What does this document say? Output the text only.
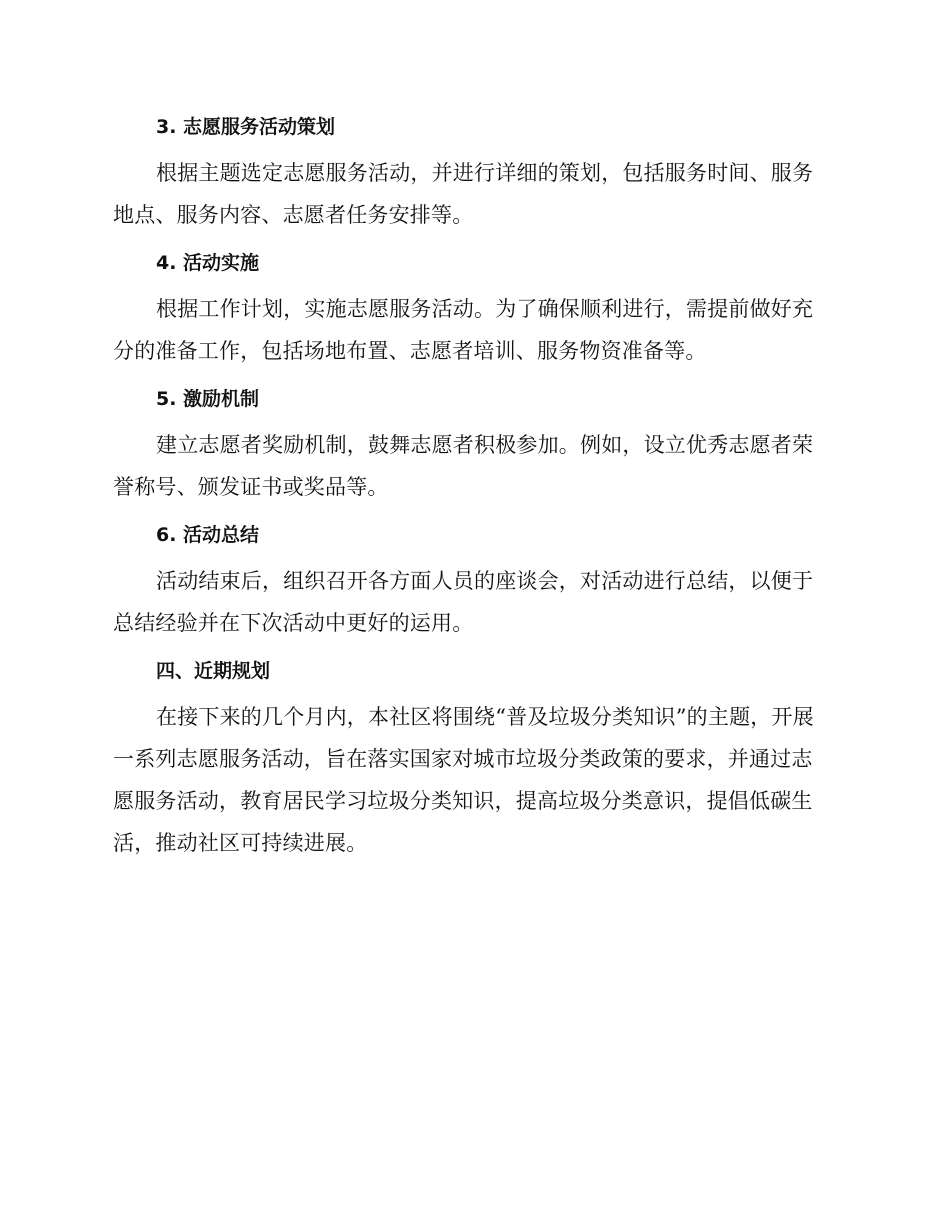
3. 志愿服务活动策划

根据主题选定志愿服务活动，并进行详细的策划，包括服务时间、服务地点、服务内容、志愿者任务安排等。

4. 活动实施

根据工作计划，实施志愿服务活动。为了确保顺利进行，需提前做好充分的准备工作，包括场地布置、志愿者培训、服务物资准备等。

5. 激励机制

建立志愿者奖励机制，鼓舞志愿者积极参加。例如，设立优秀志愿者荣誉称号、颁发证书或奖品等。

6. 活动总结

活动结束后，组织召开各方面人员的座谈会，对活动进行总结，以便于总结经验并在下次活动中更好的运用。

四、近期规划

在接下来的几个月内，本社区将围绕“普及垃圾分类知识”的主题，开展一系列志愿服务活动，旨在落实国家对城市垃圾分类政策的要求，并通过志愿服务活动，教育居民学习垃圾分类知识，提高垃圾分类意识，提倡低碳生活，推动社区可持续进展。
